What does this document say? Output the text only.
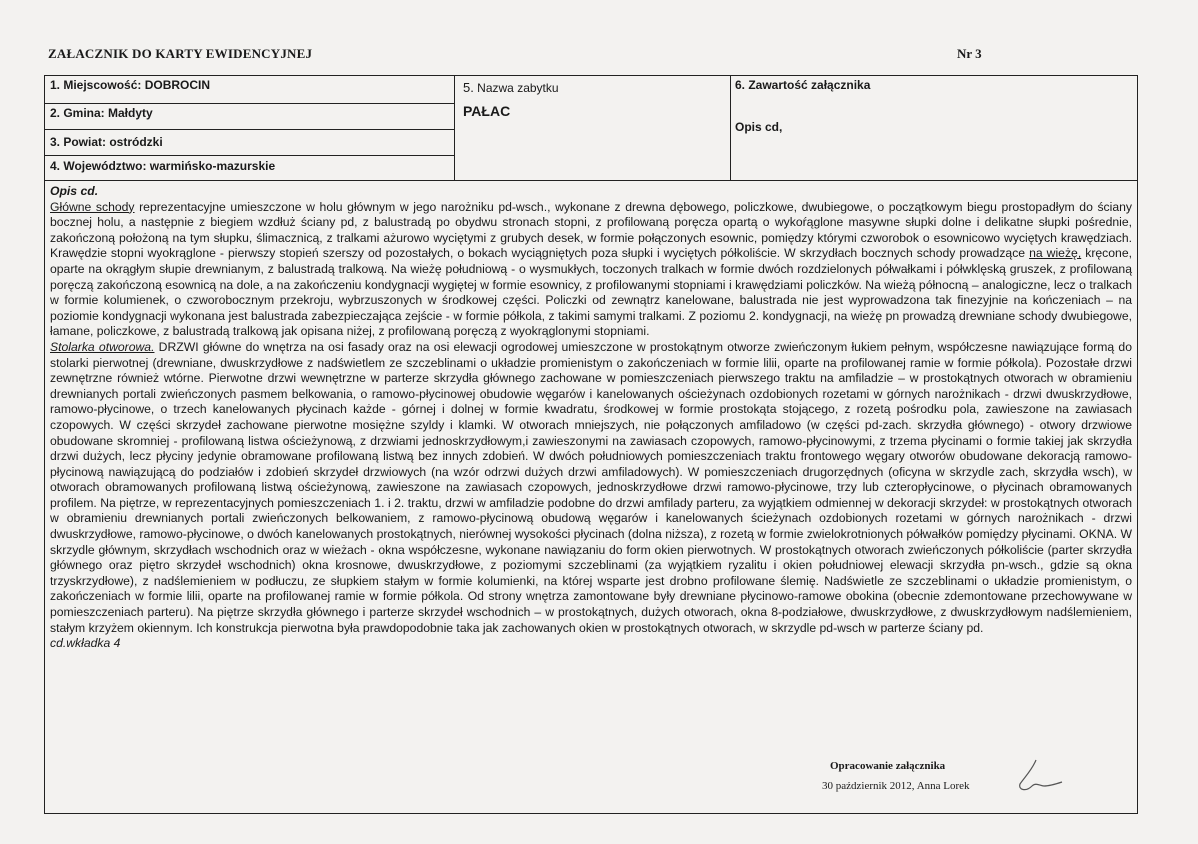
ZAŁACZNIK DO KARTY EWIDENCYJNEJ	Nr 3
1. Miejscowość: DOBROCIN
2. Gmina: Małdyty
3. Powiat: ostródzki
4. Województwo: warmińsko-mazurskie
5. Nazwa zabytku
PAŁAC
6. Zawartość załącznika
Opis cd,
Opis cd.

Główne schody reprezentacyjne umieszczone w holu głównym w jego narożniku pd-wsch., wykonane z drewna dębowego, policzkowe, dwubiegowe, o początkowym biegu prostopadłym do ściany bocznej holu, a następnie z biegiem wzdłuż ściany pd, z balustradą po obydwu stronach stopni, z profilowaną poręcza opartą o wykoŕąglone masywne słupki dolne i delikatne słupki pośrednie, zakończoną położoną na tym słupku, ślimacznicą, z tralkami ażurowo wyciętymi z grubych desek, w formie połączonych esownic, pomiędzy którymi czworobok o esownicowo wyciętych krawędziach. Krawędzie stopni wyokrąglone - pierwszy stopień szerszy od pozostałych, o bokach wyciągniętych poza słupki i wyciętych półkoliście. W skrzydłach bocznych schody prowadzące na wieżę, kręcone, oparte na okrągłym słupie drewnianym, z balustradą tralkową. Na wieżę południową - o wysmukłych, toczonych tralkach w formie dwóch rozdzielonych półwałkami i półwklęską gruszek, z profilowaną poręczą zakończoną esownicą na dole, a na zakończeniu kondygnacji wygiętej w formie esownicy, z profilowanymi stopniami i krawędziami policzków. Na wieżą północną – analogiczne, lecz o tralkach w formie kolumienek, o czworobocznym przekroju, wybrzuszonych w środkowej części. Policzki od zewnątrz kanelowane, balustrada nie jest wyprowadzona tak finezyjnie na kończeniach – na poziomie kondygnacji wykonana jest balustrada zabezpieczająca zejście - w formie półkola, z takimi samymi tralkami. Z poziomu 2. kondygnacji, na wieżę pn prowadzą drewniane schody dwubiegowe, łamane, policzkowe, z balustradą tralkową jak opisana niżej, z profilowaną poręczą z wyokrąglonymi stopniami.

Stolarka otworowa. DRZWI główne do wnętrza na osi fasady oraz na osi elewacji ogrodowej umieszczone w prostokątnym otworze zwieńczonym łukiem pełnym, współczesne nawiązujące formą do stolarki pierwotnej (drewniane, dwuskrzydłowe z nadświetlem ze szczeblinami o układzie promienistym o zakończeniach w formie lilii, oparte na profilowanej ramie w formie półkola). Pozostałe drzwi zewnętrzne również wtórne. Pierwotne drzwi wewnętrzne w parterze skrzydła głównego zachowane w pomieszczeniach pierwszego traktu na amfiladzie – w prostokątnych otworach w obramieniu drewnianych portali zwieńczonych pasmem belkowania, o ramowo-płycinowej obudowie węgarów i kanelowanych ościeżynach ozdobionych rozetami w górnych narożnikach - drzwi dwuskrzydłowe, ramowo-płycinowe, o trzech kanelowanych płycinach każde - górnej i dolnej w formie kwadratu, środkowej w formie prostokąta stojącego, z rozetą pośrodku pola, zawieszone na zawiasach czopowych. W części skrzydeł zachowane pierwotne mosiężne szyldy i klamki. W otworach mniejszych, nie połączonych amfiladowo (w części pd-zach. skrzydła głównego) - otwory drzwiowe obudowane skromniej - profilowaną listwa ościeżynową, z drzwiami jednoskrzydłowym,i zawieszonymi na zawiasach czopowych, ramowo-płycinowymi, z trzema płycinami o formie takiej jak skrzydła drzwi dużych, lecz płyciny jedynie obramowane profilowaną listwą bez innych zdobień. W dwóch południowych pomieszczeniach traktu frontowego węgary otworów obudowane dekoracją ramowo-płycinową nawiązującą do podziałów i zdobień skrzydeł drzwiowych (na wzór odrzwi dużych drzwi amfiladowych). W pomieszczeniach drugorzędnych (oficyna w skrzydle zach, skrzydła wsch), w otworach obramowanych profilowaną listwą ościeżynową, zawieszone na zawiasach czopowych, jednoskrzydłowe drzwi ramowo-płycinowe, trzy lub czteropłycinowe, o płycinach obramowanych profilem. Na piętrze, w reprezentacyjnych pomieszczeniach 1. i 2. traktu, drzwi w amfiladzie podobne do drzwi amfilady parteru, za wyjątkiem odmiennej w dekoracji skrzydeł: w prostokątnych otworach w obramieniu drewnianych portali zwieńczonych belkowaniem, z ramowo-płycinową obudową węgarów i kanelowanych ścieżynach ozdobionych rozetami w górnych narożnikach - drzwi dwuskrzydłowe, ramowo-płycinowe, o dwóch kanelowanych prostokątnych, nierównej wysokości płycinach (dolna niższa), z rozetą w formie zwielokrotnionych półwałków pomiędzy płycinami. OKNA. W skrzydle głównym, skrzydłach wschodnich oraz w wieżach - okna współczesne, wykonane nawiązaniu do form okien pierwotnych. W prostokątnych otworach zwieńczonych półkoliście (parter skrzydła głównego oraz piętro skrzydeł wschodnich) okna krosnowe, dwuskrzydłowe, z poziomymi szczeblinami (za wyjątkiem ryzalitu i okien południowej elewacji skrzydła pn-wsch., gdzie są okna trzyskrzydłowe), z nadślemieniem w podłuczu, ze słupkiem stałym w formie kolumienki, na której wsparte jest drobno profilowane ślemię. Nadświetle ze szczeblinami o układzie promienistym, o zakończeniach w formie lilii, oparte na profilowanej ramie w formie półkola. Od strony wnętrza zamontowane były drewniane płycinowo-ramowe obokina (obecnie zdemontowane przechowywane w pomieszczeniach parteru). Na piętrze skrzydła głównego i parterze skrzydeł wschodnich – w prostokątnych, dużych otworach, okna 8-podziałowe, dwuskrzydłowe, z dwuskrzydłowym nadślemieniem, stałym krzyżem okiennym. Ich konstrukcja pierwotna była prawdopodobnie taka jak zachowanych okien w prostokątnych otworach, w skrzydle pd-wsch w parterze ściany pd.

cd.wkładka 4
Opracowanie załącznika
30 październik 2012, Anna Lorek
